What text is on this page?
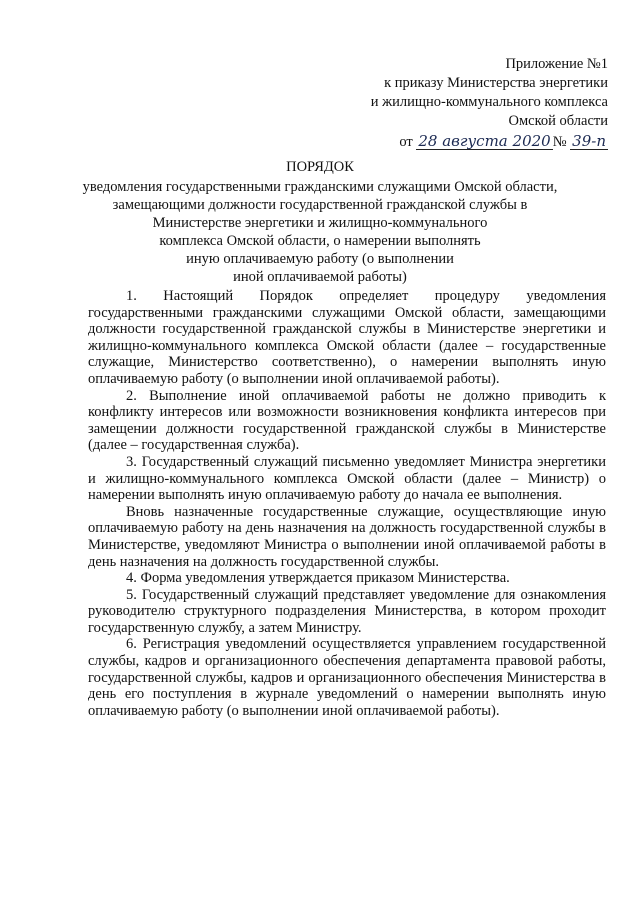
Приложение №1
к приказу Министерства энергетики
и жилищно-коммунального комплекса
Омской области
от 28 августа 2020 № 39-п
ПОРЯДОК
уведомления государственными гражданскими служащими Омской области,
замещающими должности государственной гражданской службы в
Министерстве энергетики и жилищно-коммунального
комплекса Омской области, о намерении выполнять
иную оплачиваемую работу (о выполнении
иной оплачиваемой работы)

1. Настоящий Порядок определяет процедуру уведомления государственными гражданскими служащими Омской области, замещающими должности государственной гражданской службы в Министерстве энергетики и жилищно-коммунального комплекса Омской области (далее – государственные служащие, Министерство соответственно), о намерении выполнять иную оплачиваемую работу (о выполнении иной оплачиваемой работы).

2. Выполнение иной оплачиваемой работы не должно приводить к конфликту интересов или возможности возникновения конфликта интересов при замещении должности государственной гражданской службы в Министерстве (далее – государственная служба).

3. Государственный служащий письменно уведомляет Министра энергетики и жилищно-коммунального комплекса Омской области (далее – Министр) о намерении выполнять иную оплачиваемую работу до начала ее выполнения.

Вновь назначенные государственные служащие, осуществляющие иную оплачиваемую работу на день назначения на должность государственной службы в Министерстве, уведомляют Министра о выполнении иной оплачиваемой работы в день назначения на должность государственной службы.

4. Форма уведомления утверждается приказом Министерства.

5. Государственный служащий представляет уведомление для ознакомления руководителю структурного подразделения Министерства, в котором проходит государственную службу, а затем Министру.

6. Регистрация уведомлений осуществляется управлением государственной службы, кадров и организационного обеспечения департамента правовой работы, государственной службы, кадров и организационного обеспечения Министерства в день его поступления в журнале уведомлений о намерении выполнять иную оплачиваемую работу (о выполнении иной оплачиваемой работы).
